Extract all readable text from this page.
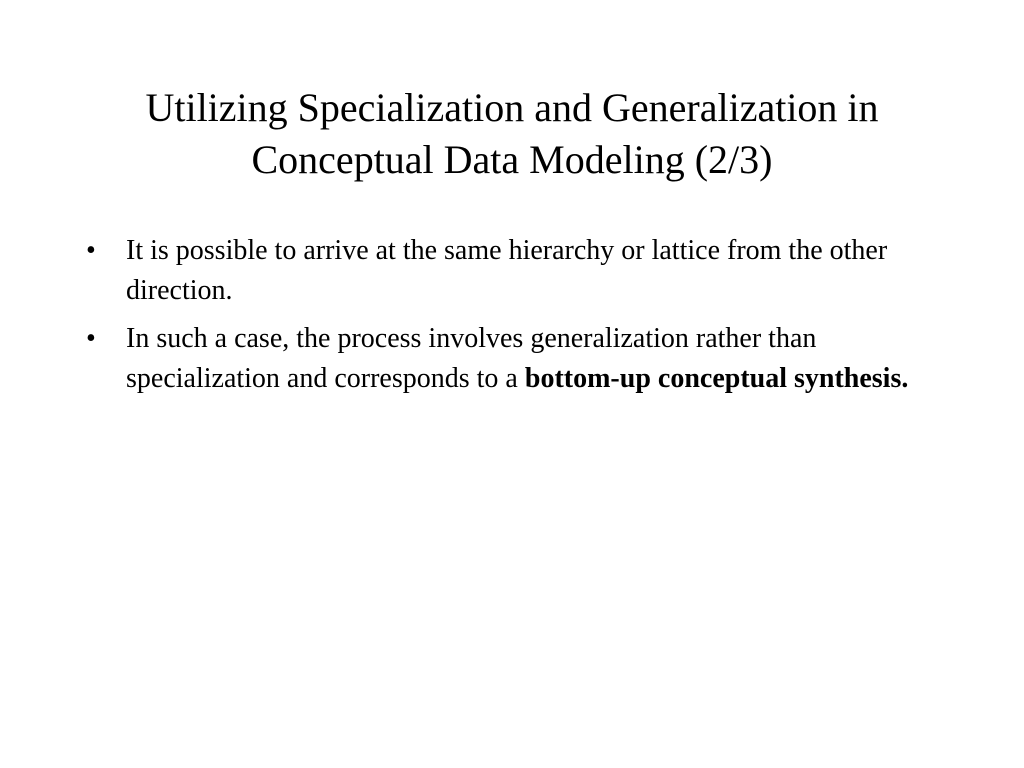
Utilizing Specialization and Generalization in
Conceptual Data Modeling (2/3)
• It is possible to arrive at the same hierarchy or lattice from the other direction.
• In such a case, the process involves generalization rather than specialization and corresponds to a bottom-up conceptual synthesis.
